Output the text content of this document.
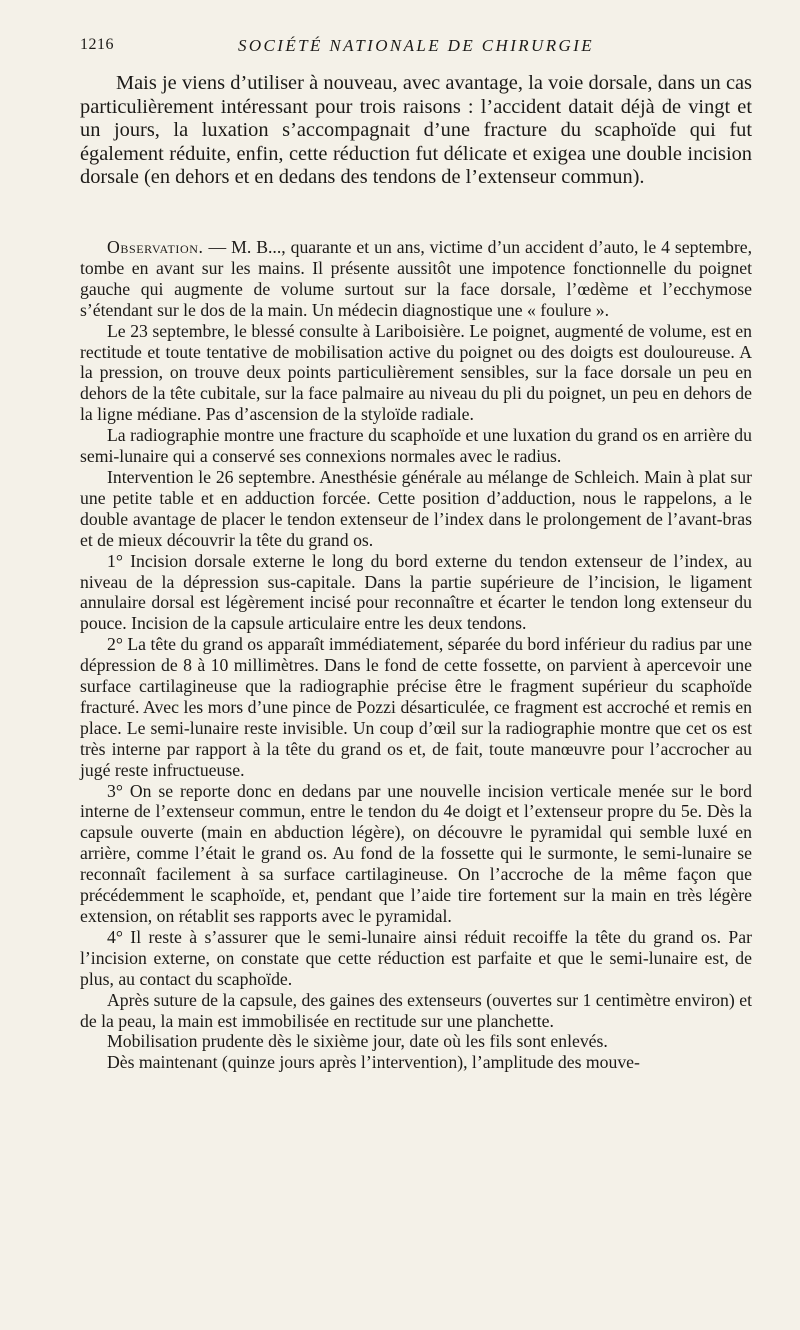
1216	SOCIÉTÉ NATIONALE DE CHIRURGIE

Mais je viens d’utiliser à nouveau, avec avantage, la voie dorsale, dans un cas particulièrement intéressant pour trois raisons : l’accident datait déjà de vingt et un jours, la luxation s’accompagnait d’une fracture du scaphoïde qui fut également réduite, enfin, cette réduction fut délicate et exigea une double incision dorsale (en dehors et en dedans des tendons de l’extenseur commun).

Observation. — M. B..., quarante et un ans, victime d’un accident d’auto, le 4 septembre, tombe en avant sur les mains. Il présente aussitôt une impotence fonctionnelle du poignet gauche qui augmente de volume surtout sur la face dorsale, l’œdème et l’ecchymose s’étendant sur le dos de la main. Un médecin diagnostique une « foulure ».

Le 23 septembre, le blessé consulte à Lariboisière. Le poignet, augmenté de volume, est en rectitude et toute tentative de mobilisation active du poignet ou des doigts est douloureuse. A la pression, on trouve deux points particulièrement sensibles, sur la face dorsale un peu en dehors de la tête cubitale, sur la face palmaire au niveau du pli du poignet, un peu en dehors de la ligne médiane. Pas d’ascension de la styloïde radiale.

La radiographie montre une fracture du scaphoïde et une luxation du grand os en arrière du semi-lunaire qui a conservé ses connexions normales avec le radius.

Intervention le 26 septembre. Anesthésie générale au mélange de Schleich. Main à plat sur une petite table et en adduction forcée. Cette position d’adduction, nous le rappelons, a le double avantage de placer le tendon extenseur de l’index dans le prolongement de l’avant-bras et de mieux découvrir la tête du grand os.

1° Incision dorsale externe le long du bord externe du tendon extenseur de l’index, au niveau de la dépression sus-capitale. Dans la partie supérieure de l’incision, le ligament annulaire dorsal est légèrement incisé pour reconnaître et écarter le tendon long extenseur du pouce. Incision de la capsule articulaire entre les deux tendons.

2° La tête du grand os apparaît immédiatement, séparée du bord inférieur du radius par une dépression de 8 à 10 millimètres. Dans le fond de cette fossette, on parvient à apercevoir une surface cartilagineuse que la radiographie précise être le fragment supérieur du scaphoïde fracturé. Avec les mors d’une pince de Pozzi désarticulée, ce fragment est accroché et remis en place. Le semi-lunaire reste invisible. Un coup d’œil sur la radiographie montre que cet os est très interne par rapport à la tête du grand os et, de fait, toute manœuvre pour l’accrocher au jugé reste infructueuse.

3° On se reporte donc en dedans par une nouvelle incision verticale menée sur le bord interne de l’extenseur commun, entre le tendon du 4e doigt et l’extenseur propre du 5e. Dès la capsule ouverte (main en abduction légère), on découvre le pyramidal qui semble luxé en arrière, comme l’était le grand os. Au fond de la fossette qui le surmonte, le semi-lunaire se reconnaît facilement à sa surface cartilagineuse. On l’accroche de la même façon que précédemment le scaphoïde, et, pendant que l’aide tire fortement sur la main en très légère extension, on rétablit ses rapports avec le pyramidal.

4° Il reste à s’assurer que le semi-lunaire ainsi réduit recoiffe la tête du grand os. Par l’incision externe, on constate que cette réduction est parfaite et que le semi-lunaire est, de plus, au contact du scaphoïde.

Après suture de la capsule, des gaines des extenseurs (ouvertes sur 1 centimètre environ) et de la peau, la main est immobilisée en rectitude sur une planchette.

Mobilisation prudente dès le sixième jour, date où les fils sont enlevés.

Dès maintenant (quinze jours après l’intervention), l’amplitude des mouve-
